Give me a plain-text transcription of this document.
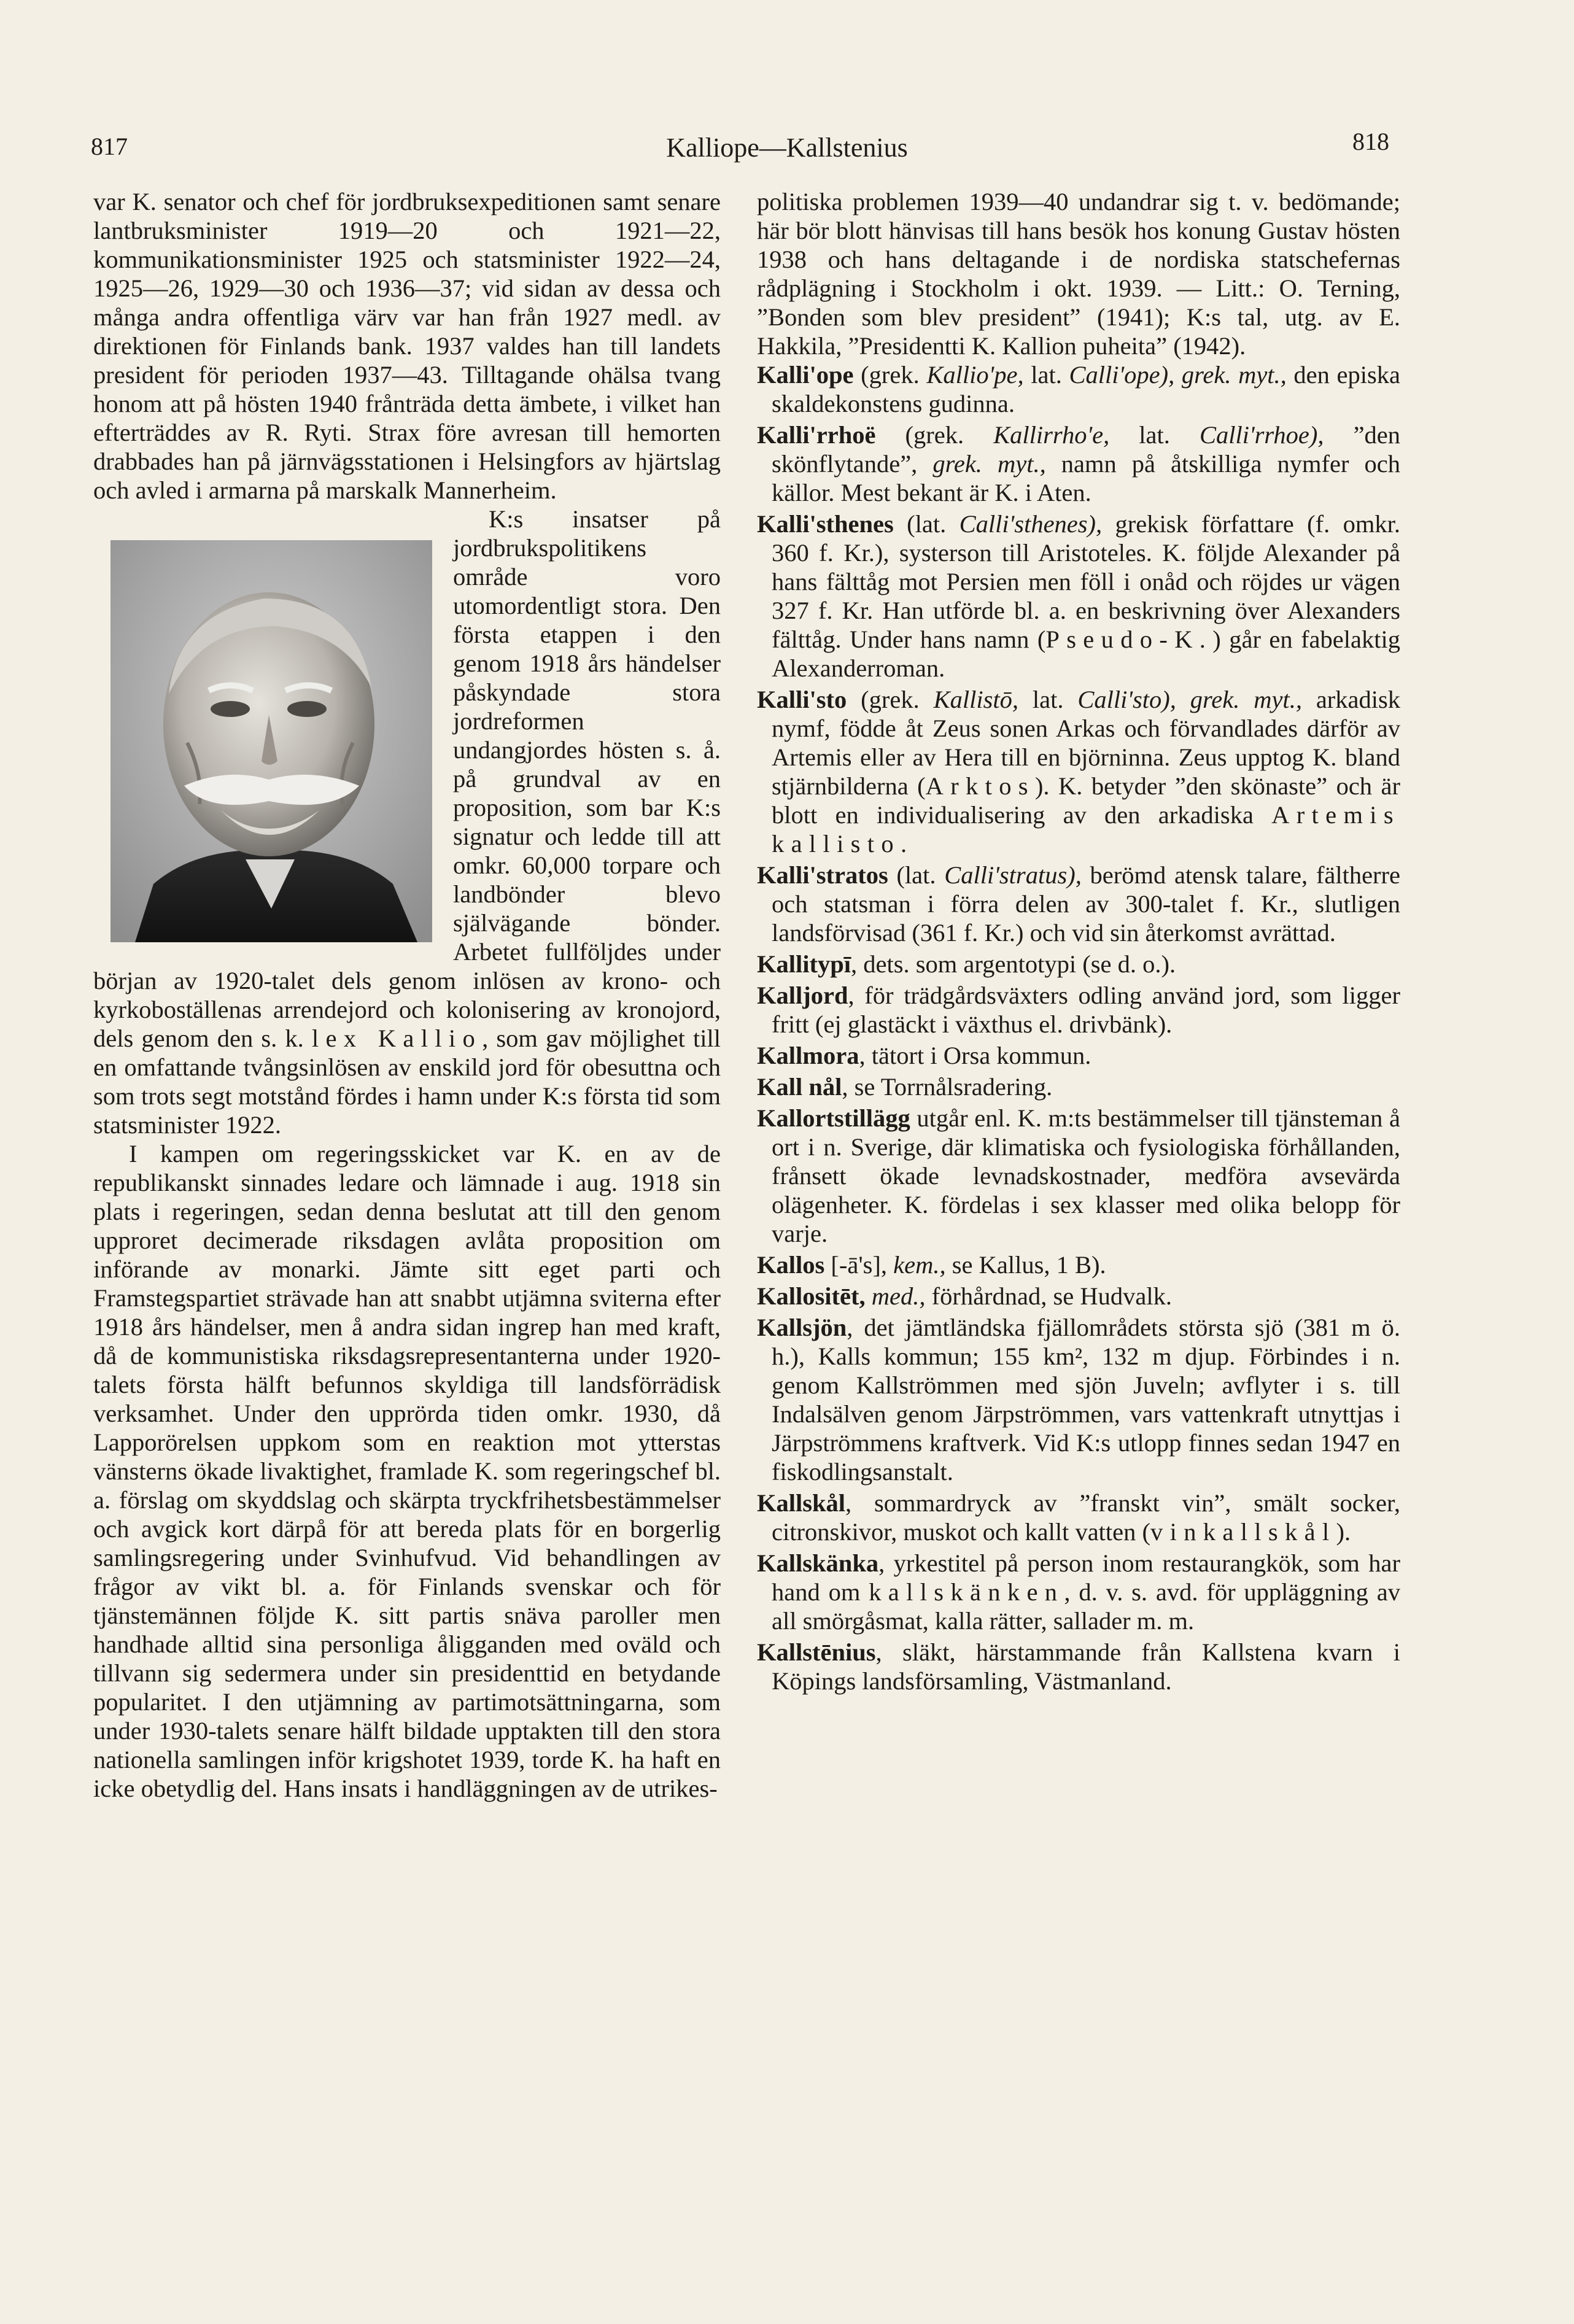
817	Kalliope—Kallstenius	818

var K. senator och chef för jordbruksexpeditionen samt senare lantbruksminister 1919—20 och 1921—22, kommunikationsminister 1925 och statsminister 1922—24, 1925—26, 1929—30 och 1936—37; vid sidan av dessa och många andra offentliga värv var han från 1927 medl. av direktionen för Finlands bank. 1937 valdes han till landets president för perioden 1937—43. Tilltagande ohälsa tvang honom att på hösten 1940 frånträda detta ämbete, i vilket han efterträddes av R. Ryti. Strax före avresan till hemorten drabbades han på järnvägsstationen i Helsingfors av hjärtslag och avled i armarna på marskalk Mannerheim.

K:s insatser på jordbrukspolitikens område voro utomordentligt stora. Den första etappen i den genom 1918 års händelser påskyndade stora jordreformen undangjordes hösten s. å. på grundval av en proposition, som bar K:s signatur och ledde till att omkr. 60,000 torpare och landbönder blevo självägande bönder. Arbetet fullföljdes under början av 1920-talet dels genom inlösen av krono- och kyrkoboställenas arrendejord och kolonisering av kronojord, dels genom den s. k. lex Kallio, som gav möjlighet till en omfattande tvångsinlösen av enskild jord för obesuttna och som trots segt motstånd fördes i hamn under K:s första tid som statsminister 1922.

I kampen om regeringsskicket var K. en av de republikanskt sinnades ledare och lämnade i aug. 1918 sin plats i regeringen, sedan denna beslutat att till den genom upproret decimerade riksdagen avlåta proposition om införande av monarki. Jämte sitt eget parti och Framstegspartiet strävade han att snabbt utjämna sviterna efter 1918 års händelser, men å andra sidan ingrep han med kraft, då de kommunistiska riksdagsrepresentanterna under 1920-talets första hälft befunnos skyldiga till landsförrädisk verksamhet. Under den upprörda tiden omkr. 1930, då Lapporörelsen uppkom som en reaktion mot ytterstas vänsterns ökade livaktighet, framlade K. som regeringschef bl. a. förslag om skyddslag och skärpta tryckfrihetsbestämmelser och avgick kort därpå för att bereda plats för en borgerlig samlingsregering under Svinhufvud. Vid behandlingen av frågor av vikt bl. a. för Finlands svenskar och för tjänstemännen följde K. sitt partis snäva paroller men handhade alltid sina personliga åligganden med oväld och tillvann sig sedermera under sin presidenttid en betydande popularitet. I den utjämning av partimotsättningarna, som under 1930-talets senare hälft bildade upptakten till den stora nationella samlingen inför krigshotet 1939, torde K. ha haft en icke obetydlig del. Hans insats i handläggningen av de utrikes-

politiska problemen 1939—40 undandrar sig t. v. bedömande; här bör blott hänvisas till hans besök hos konung Gustav hösten 1938 och hans deltagande i de nordiska statschefernas rådplägning i Stockholm i okt. 1939. — Litt.: O. Terning, ”Bonden som blev president” (1941); K:s tal, utg. av E. Hakkila, ”Presidentti K. Kallion puheita” (1942).

Kalli'ope (grek. Kallio'pe, lat. Calli'ope), grek. myt., den episka skaldekonstens gudinna.

Kalli'rrhoë (grek. Kallirrho'e, lat. Calli'rrhoe), ”den skönflytande”, grek. myt., namn på åtskilliga nymfer och källor. Mest bekant är K. i Aten.

Kalli'sthenes (lat. Calli'sthenes), grekisk författare (f. omkr. 360 f. Kr.), systerson till Aristoteles. K. följde Alexander på hans fälttåg mot Persien men föll i onåd och röjdes ur vägen 327 f. Kr. Han utförde bl. a. en beskrivning över Alexanders fälttåg. Under hans namn (Pseudo-K.) går en fabelaktig Alexanderroman.

Kalli'sto (grek. Kallistō, lat. Calli'sto), grek. myt., arkadisk nymf, födde åt Zeus sonen Arkas och förvandlades därför av Artemis eller av Hera till en björninna. Zeus upptog K. bland stjärnbilderna (Arktos). K. betyder ”den skönaste” och är blott en individualisering av den arkadiska Artemis kallisto.

Kalli'stratos (lat. Calli'stratus), berömd atensk talare, fältherre och statsman i förra delen av 300-talet f. Kr., slutligen landsförvisad (361 f. Kr.) och vid sin återkomst avrättad.

Kallitypī, dets. som argentotypi (se d. o.).

Kalljord, för trädgårdsväxters odling använd jord, som ligger fritt (ej glastäckt i växthus el. drivbänk).

Kallmora, tätort i Orsa kommun.

Kall nål, se Torrnålsradering.

Kallortstillägg utgår enl. K. m:ts bestämmelser till tjänsteman å ort i n. Sverige, där klimatiska och fysiologiska förhållanden, frånsett ökade levnadskostnader, medföra avsevärda olägenheter. K. fördelas i sex klasser med olika belopp för varje.

Kallos [-ā's], kem., se Kallus, 1 B).

Kallositēt, med., förhårdnad, se Hudvalk.

Kallsjön, det jämtländska fjällområdets största sjö (381 m ö. h.), Kalls kommun; 155 km², 132 m djup. Förbindes i n. genom Kallströmmen med sjön Juveln; avflyter i s. till Indalsälven genom Järpströmmen, vars vattenkraft utnyttjas i Järpströmmens kraftverk. Vid K:s utlopp finnes sedan 1947 en fiskodlingsanstalt.

Kallskål, sommardryck av ”franskt vin”, smält socker, citronskivor, muskot och kallt vatten (vinkallskål).

Kallskänka, yrkestitel på person inom restaurangkök, som har hand om kallskänken, d. v. s. avd. för uppläggning av all smörgåsmat, kalla rätter, sallader m. m.

Kallstēnius, släkt, härstammande från Kallstena kvarn i Köpings landsförsamling, Västmanland.
